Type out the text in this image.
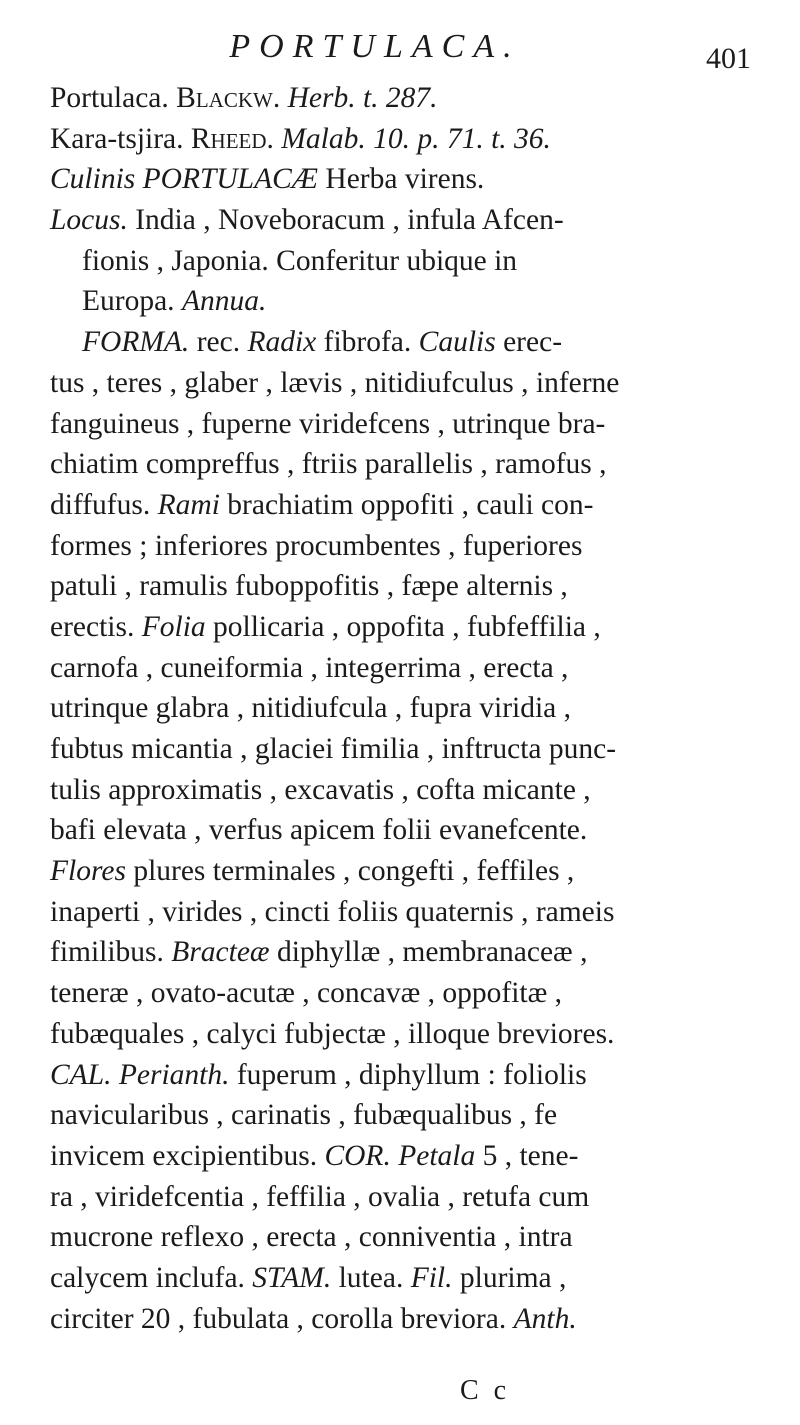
PORTULACA.	401
Portulaca. Blackw. Herb. t. 287.
Kara-tsjira. Rheed. Malab. 10. p. 71. t. 36.
Culinis PORTULACÆ Herba virens.
Locus. India , Noveboracum , infula Afcen-
fionis , Japonia. Conferitur ubique in
Europa. Annua.
FORMA. rec. Radix fibrofa. Caulis erec-
tus , teres , glaber , lævis , nitidiufculus , inferne
fanguineus , fuperne viridefcens , utrinque bra-
chiatim compreffus , ftriis parallelis , ramofus ,
diffufus. Rami brachiatim oppofiti , cauli con-
formes ; inferiores procumbentes , fuperiores
patuli , ramulis fuboppofitis , fæpe alternis ,
erectis. Folia pollicaria , oppofita , fubfeffilia ,
carnofa , cuneiformia , integerrima , erecta ,
utrinque glabra , nitidiufcula , fupra viridia ,
fubtus micantia , glaciei fimilia , inftructa punc-
tulis approximatis , excavatis , cofta micante ,
bafi elevata , verfus apicem folii evanefcente.
Flores plures terminales , congefti , feffiles ,
inaperti , virides , cincti foliis quaternis , rameis
fimilibus. Bracteæ diphyllæ , membranaceæ ,
teneræ , ovato-acutæ , concavæ , oppofitæ ,
fubæquales , calyci fubjectæ , illoque breviores.
CAL. Perianth. fuperum , diphyllum : foliolis
navicularibus , carinatis , fubæqualibus , fe
invicem excipientibus. COR. Petala 5 , tene-
ra , viridefcentia , feffilia , ovalia , retufa cum
mucrone reflexo , erecta , conniventia , intra
calycem inclufa. STAM. lutea. Fil. plurima ,
circiter 20 , fubulata , corolla breviora. Anth.
C c
